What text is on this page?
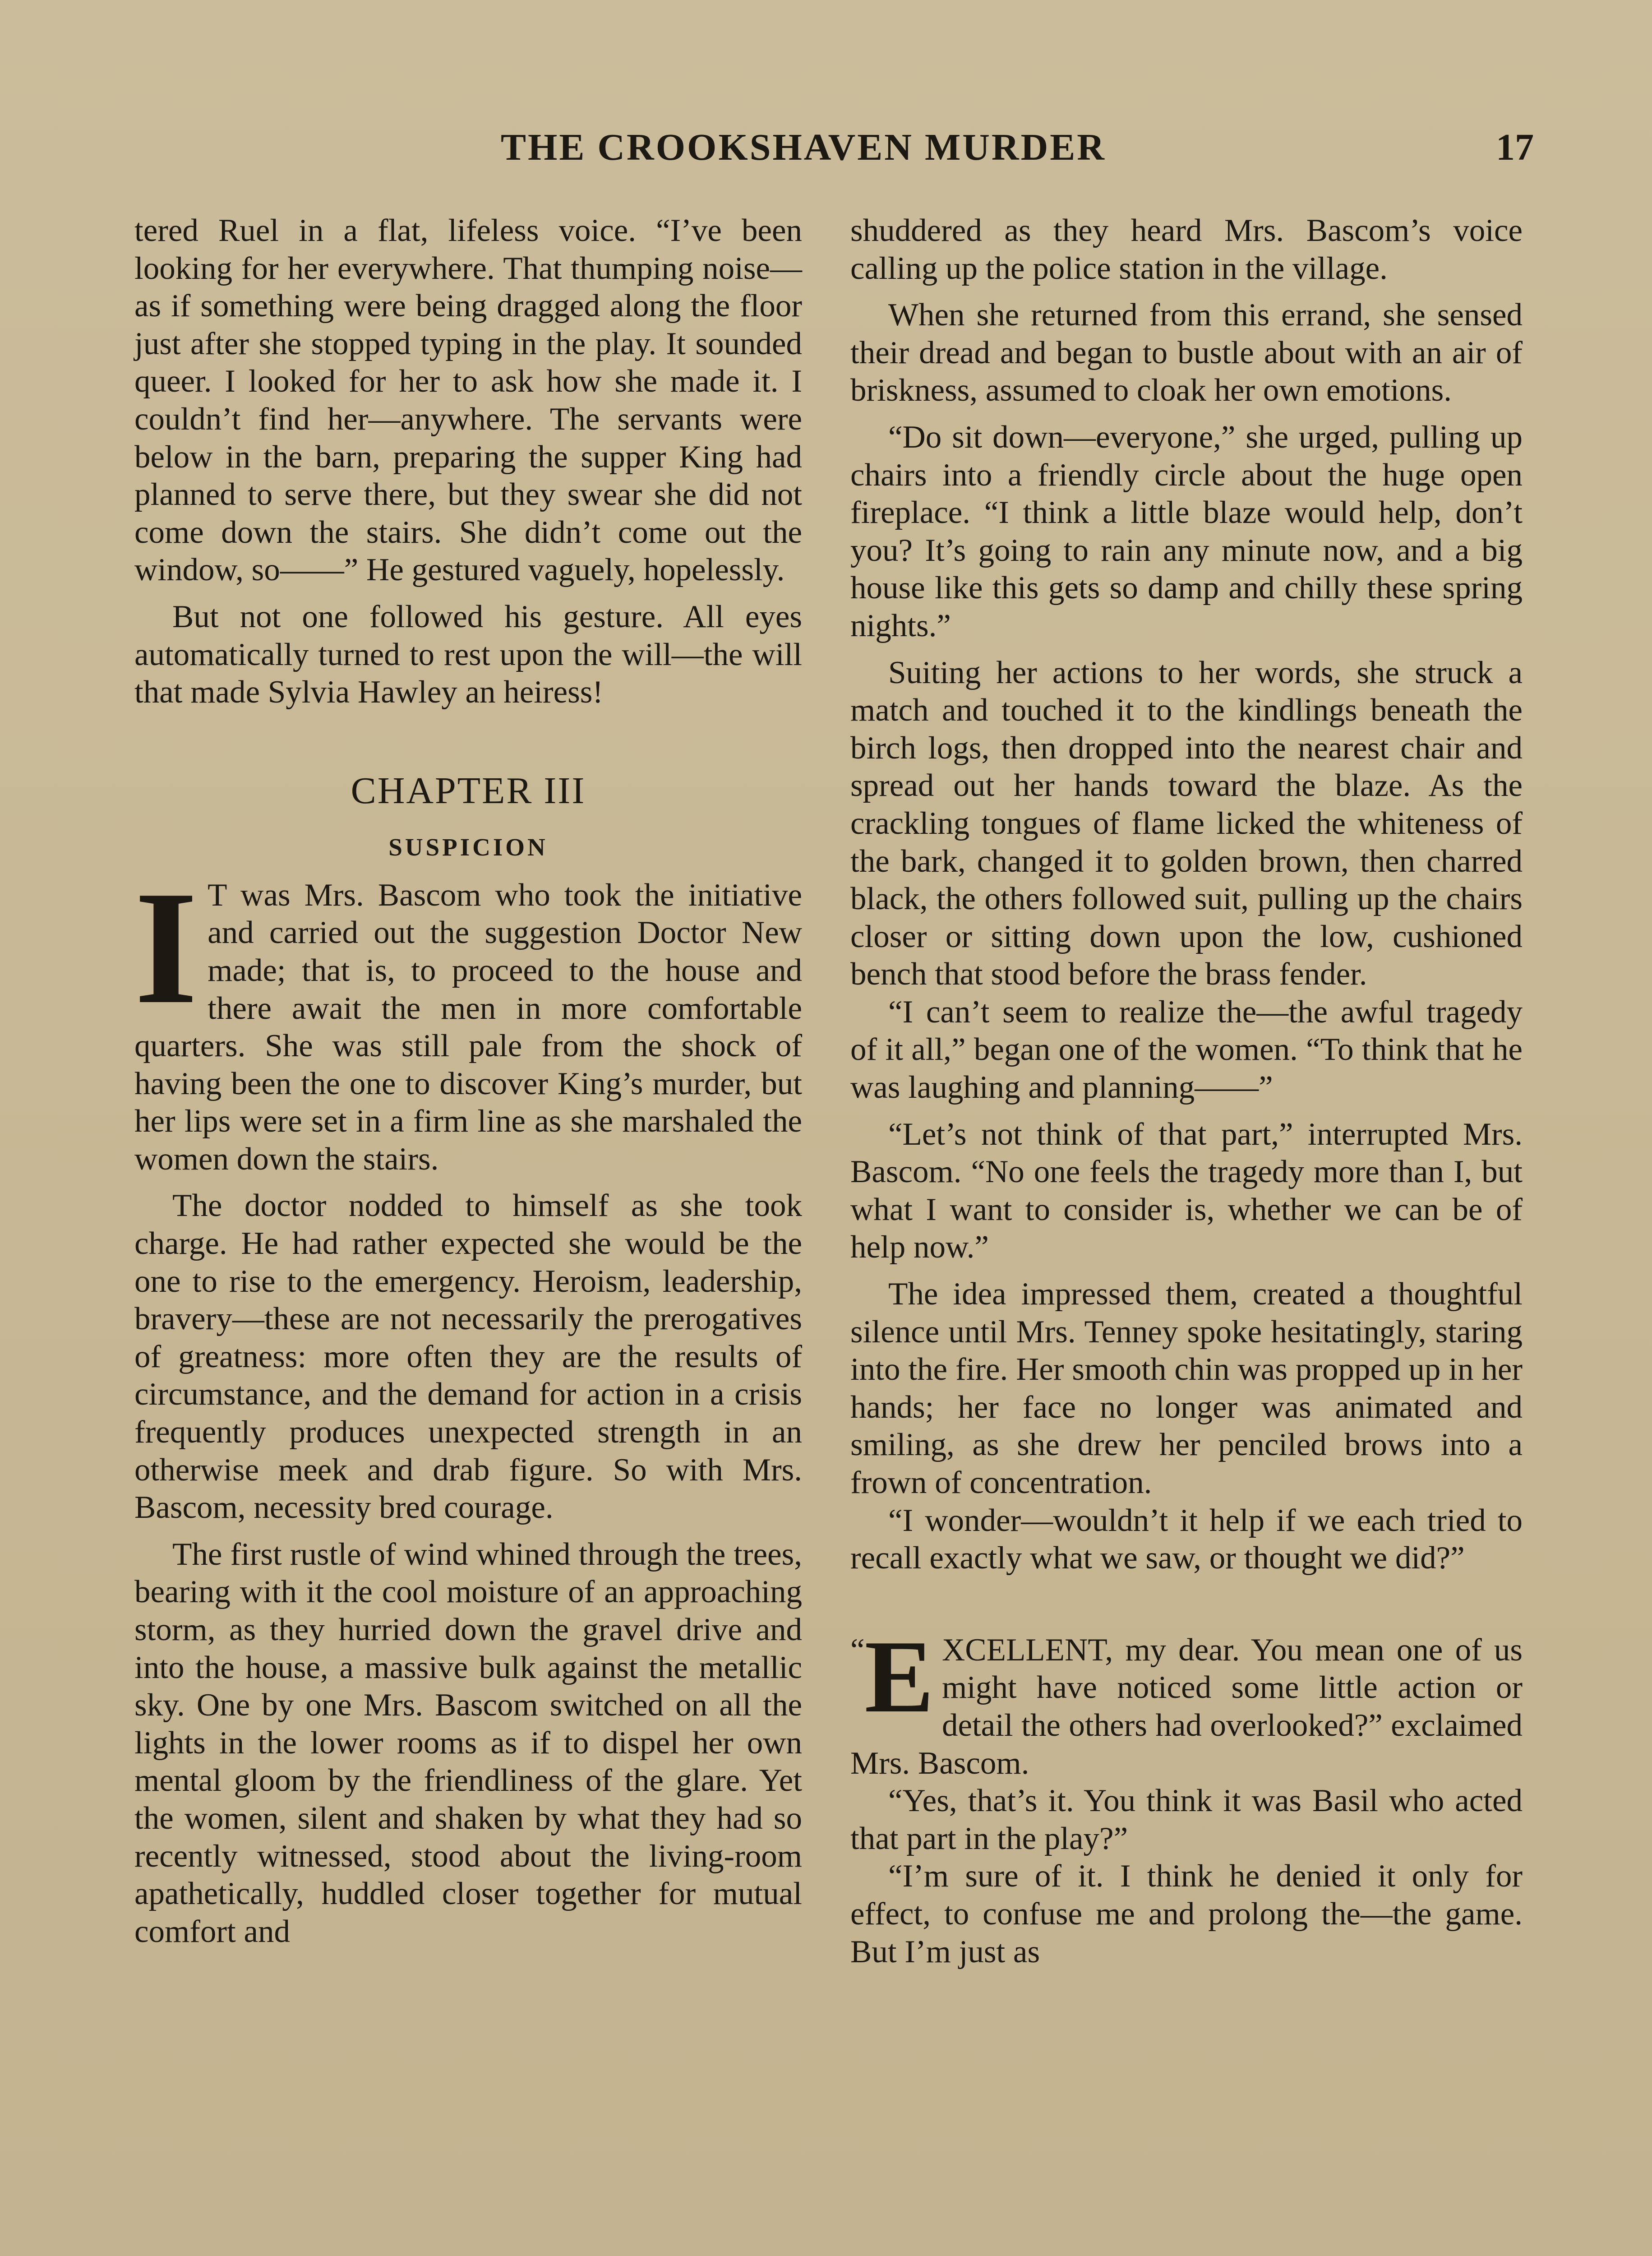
THE CROOKSHAVEN MURDER	17

tered Ruel in a flat, lifeless voice. “I’ve been looking for her everywhere. That thumping noise—as if something were being dragged along the floor just after she stopped typing in the play. It sounded queer. I looked for her to ask how she made it. I couldn’t find her—anywhere. The servants were below in the barn, preparing the supper King had planned to serve there, but they swear she did not come down the stairs. She didn’t come out the window, so——” He gestured vaguely, hopelessly.

But not one followed his gesture. All eyes automatically turned to rest upon the will—the will that made Sylvia Hawley an heiress!

CHAPTER III
SUSPICION

I T was Mrs. Bascom who took the initiative and carried out the suggestion Doctor New made; that is, to proceed to the house and there await the men in more comfortable quarters. She was still pale from the shock of having been the one to discover King’s murder, but her lips were set in a firm line as she marshaled the women down the stairs.

The doctor nodded to himself as she took charge. He had rather expected she would be the one to rise to the emergency. Heroism, leadership, bravery—these are not necessarily the prerogatives of greatness: more often they are the results of circumstance, and the demand for action in a crisis frequently produces unexpected strength in an otherwise meek and drab figure. So with Mrs. Bascom, necessity bred courage.

The first rustle of wind whined through the trees, bearing with it the cool moisture of an approaching storm, as they hurried down the gravel drive and into the house, a massive bulk against the metallic sky. One by one Mrs. Bascom switched on all the lights in the lower rooms as if to dispel her own mental gloom by the friendliness of the glare. Yet the women, silent and shaken by what they had so recently witnessed, stood about the living-room apathetically, huddled closer together for mutual comfort and

shuddered as they heard Mrs. Bascom’s voice calling up the police station in the village.

When she returned from this errand, she sensed their dread and began to bustle about with an air of briskness, assumed to cloak her own emotions.

“Do sit down—everyone,” she urged, pulling up chairs into a friendly circle about the huge open fireplace. “I think a little blaze would help, don’t you? It’s going to rain any minute now, and a big house like this gets so damp and chilly these spring nights.”

Suiting her actions to her words, she struck a match and touched it to the kindlings beneath the birch logs, then dropped into the nearest chair and spread out her hands toward the blaze. As the crackling tongues of flame licked the whiteness of the bark, changed it to golden brown, then charred black, the others followed suit, pulling up the chairs closer or sitting down upon the low, cushioned bench that stood before the brass fender.

“I can’t seem to realize the—the awful tragedy of it all,” began one of the women. “To think that he was laughing and planning——”

“Let’s not think of that part,” interrupted Mrs. Bascom. “No one feels the tragedy more than I, but what I want to consider is, whether we can be of help now.”

The idea impressed them, created a thoughtful silence until Mrs. Tenney spoke hesitatingly, staring into the fire. Her smooth chin was propped up in her hands; her face no longer was animated and smiling, as she drew her penciled brows into a frown of concentration.

“I wonder—wouldn’t it help if we each tried to recall exactly what we saw, or thought we did?”

“ E XCELLENT, my dear. You mean one of us might have noticed some little action or detail the others had overlooked?” exclaimed Mrs. Bascom.

“Yes, that’s it. You think it was Basil who acted that part in the play?”

“I’m sure of it. I think he denied it only for effect, to confuse me and prolong the—the game. But I’m just as
